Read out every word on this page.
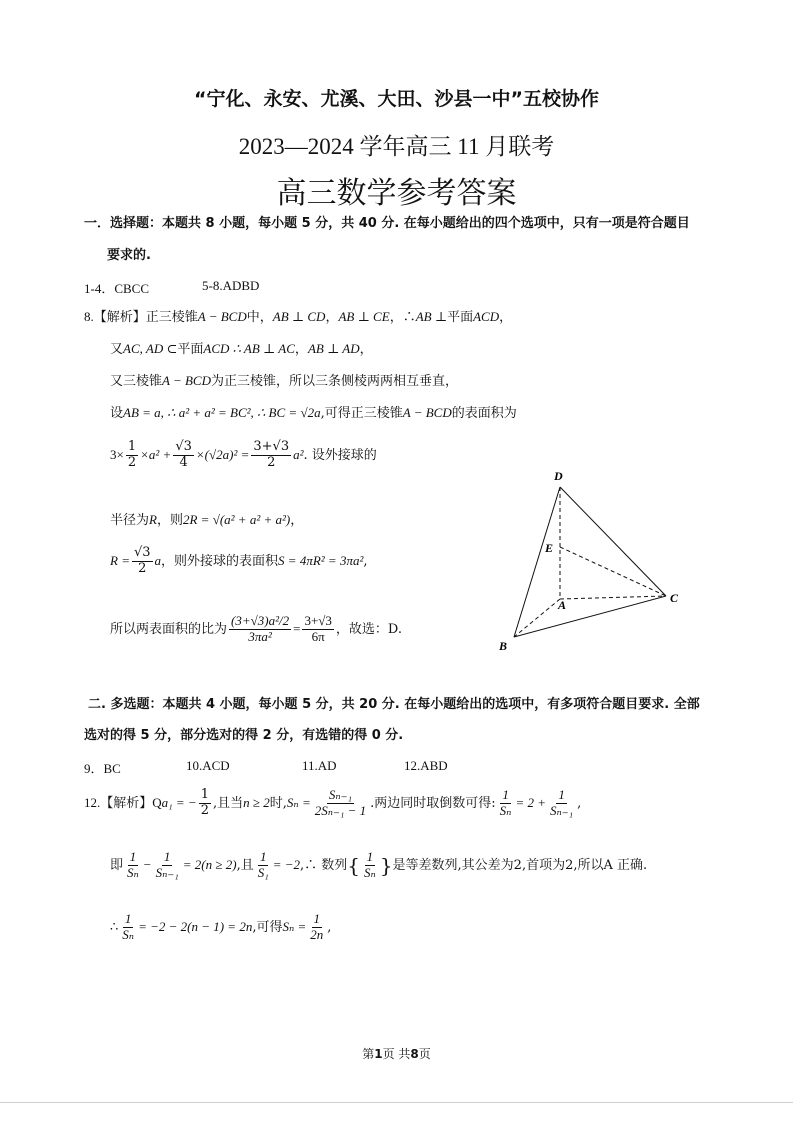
“宁化、永安、尤溪、大田、沙县一中”五校协作
2023—2024 学年高三 11 月联考
高三数学参考答案
一．选择题：本题共 8 小题，每小题 5 分，共 40 分. 在每小题给出的四个选项中，只有一项是符合题目
要求的.
1-4．CBCC	5-8.ADBD
8.【解析】正三棱锥A − BCD中，AB ⊥ CD，AB ⊥ CE，∴AB ⊥平面ACD，
又AC, AD ⊂平面ACD ∴ AB ⊥ AC，AB ⊥ AD，
又三棱锥A − BCD为正三棱锥，所以三条侧棱两两相互垂直，
设AB = a, ∴ a² + a² = BC², ∴ BC = √2a,可得正三棱锥A − BCD的表面积为
$3\times \frac{1}{2} \times a^2 + \frac{√3}{4} \times(√2a)^2 = \frac{3+√3}{2} a^2$. 设外接球的
半径为R，则2R = √(a² + a² + a²)，
$R = \frac{√3}{2}$ a，则外接球的表面积S = 4πR² = 3πa²,
所以两表面积的比为 $\frac{\text{(3+√3)a²/2}}{\text{3πa²}} = \frac{3+√3}{6\pi}$ ，故选：D.
D
E
A	C
B
二. 多选题：本题共 4 小题，每小题 5 分，共 20 分. 在每小题给出的选项中，有多项符合题目要求. 全部
选对的得 5 分，部分选对的得 2 分，有选错的得 0 分.
9．BC	10.ACD	11.AD	12.ABD
12.【解析】Qa₁ = − $\frac{1}{2}$ ,且当n ≥ 2时$,S_n = \frac{\text{Sₙ₋₁}}{\text{2Sₙ₋₁ − 1}}$ .两边同时取倒数可得: $\frac{1}{\text{Sₙ}} = 2 + \frac{1}{\text{Sₙ₋₁}}$ ,
即 $\frac{1}{\text{Sₙ}} - \frac{1}{\text{Sₙ₋₁}} = 2(n \ge 2)$,且 $\frac{1}{\text{S₁}}$ = −2,∴ 数列{ $\frac{1}{\text{Sₙ}}$ }是等差数列,其公差为2,首项为2,所以A 正确.
∴ $\frac{1}{\text{Sₙ}} = -2 - 2(n - 1) = 2n$,可得$S_n = \frac{1}{2n}$ ,
第1页 共8页
